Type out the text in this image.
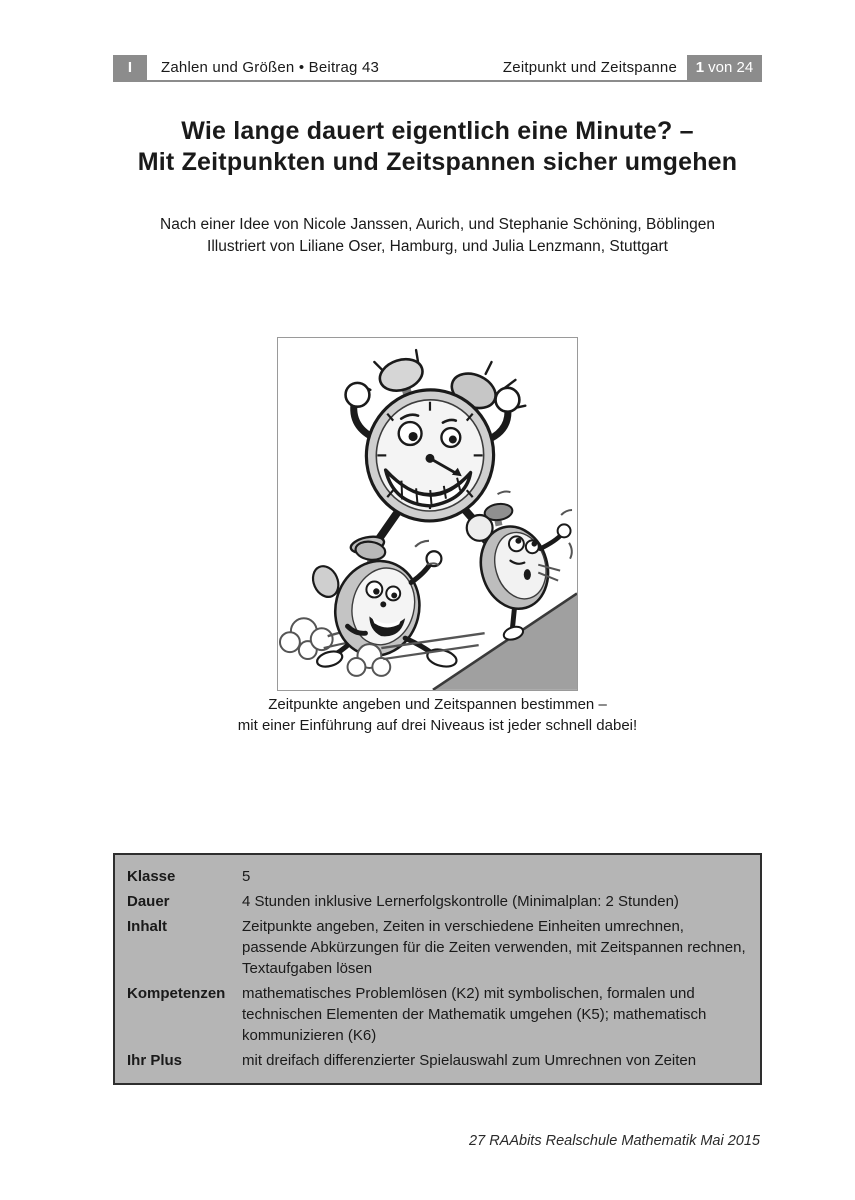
I	Zahlen und Größen • Beitrag 43	Zeitpunkt und Zeitspanne 1 von 24
Wie lange dauert eigentlich eine Minute? –
Mit Zeitpunkten und Zeitspannen sicher umgehen
Nach einer Idee von Nicole Janssen, Aurich, und Stephanie Schöning, Böblingen
Illustriert von Liliane Oser, Hamburg, und Julia Lenzmann, Stuttgart
Zeitpunkte angeben und Zeitspannen bestimmen –
mit einer Einführung auf drei Niveaus ist jeder schnell dabei!
Klasse	5
Dauer	4 Stunden inklusive Lernerfolgskontrolle (Minimalplan: 2 Stunden)
Inhalt	Zeitpunkte angeben, Zeiten in verschiedene Einheiten umrechnen, passende Abkürzungen für die Zeiten verwenden, mit Zeitspannen rechnen, Textaufgaben lösen
Kompetenzen	mathematisches Problemlösen (K2) mit symbolischen, formalen und technischen Elementen der Mathematik umgehen (K5); mathematisch kommunizieren (K6)
Ihr Plus	mit dreifach differenzierter Spielauswahl zum Umrechnen von Zeiten
27 RAAbits Realschule Mathematik Mai 2015
